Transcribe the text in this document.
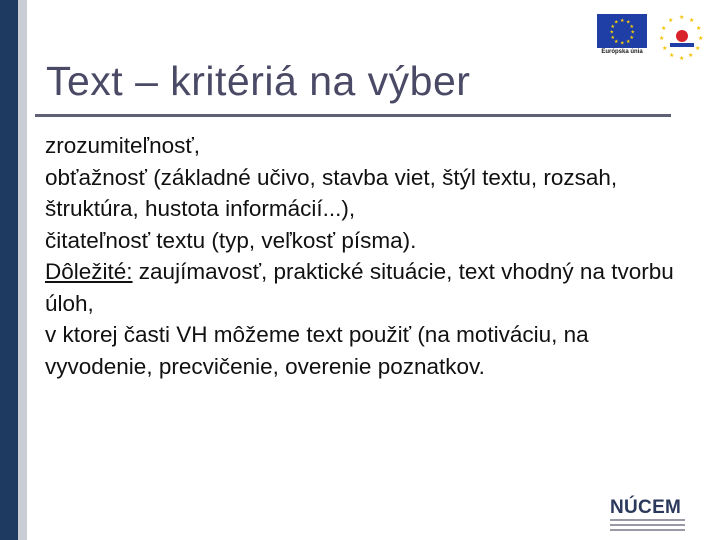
★ ★
★
★
★
★
★
★
★
★
★
★
Európska únia
★ ★
★
★
★
★
★
★
★
★
★
★
Text – kritériá na výber

zrozumiteľnosť,

obťažnosť (základné učivo, stavba viet, štýl textu, rozsah, štruktúra, hustota informácií...),

čitateľnosť textu (typ, veľkosť písma).

Dôležité: zaujímavosť, praktické situácie, text vhodný na tvorbu úloh,

v ktorej časti VH môžeme text použiť (na motiváciu, na vyvodenie, precvičenie, overenie poznatkov.

NÚCEM
